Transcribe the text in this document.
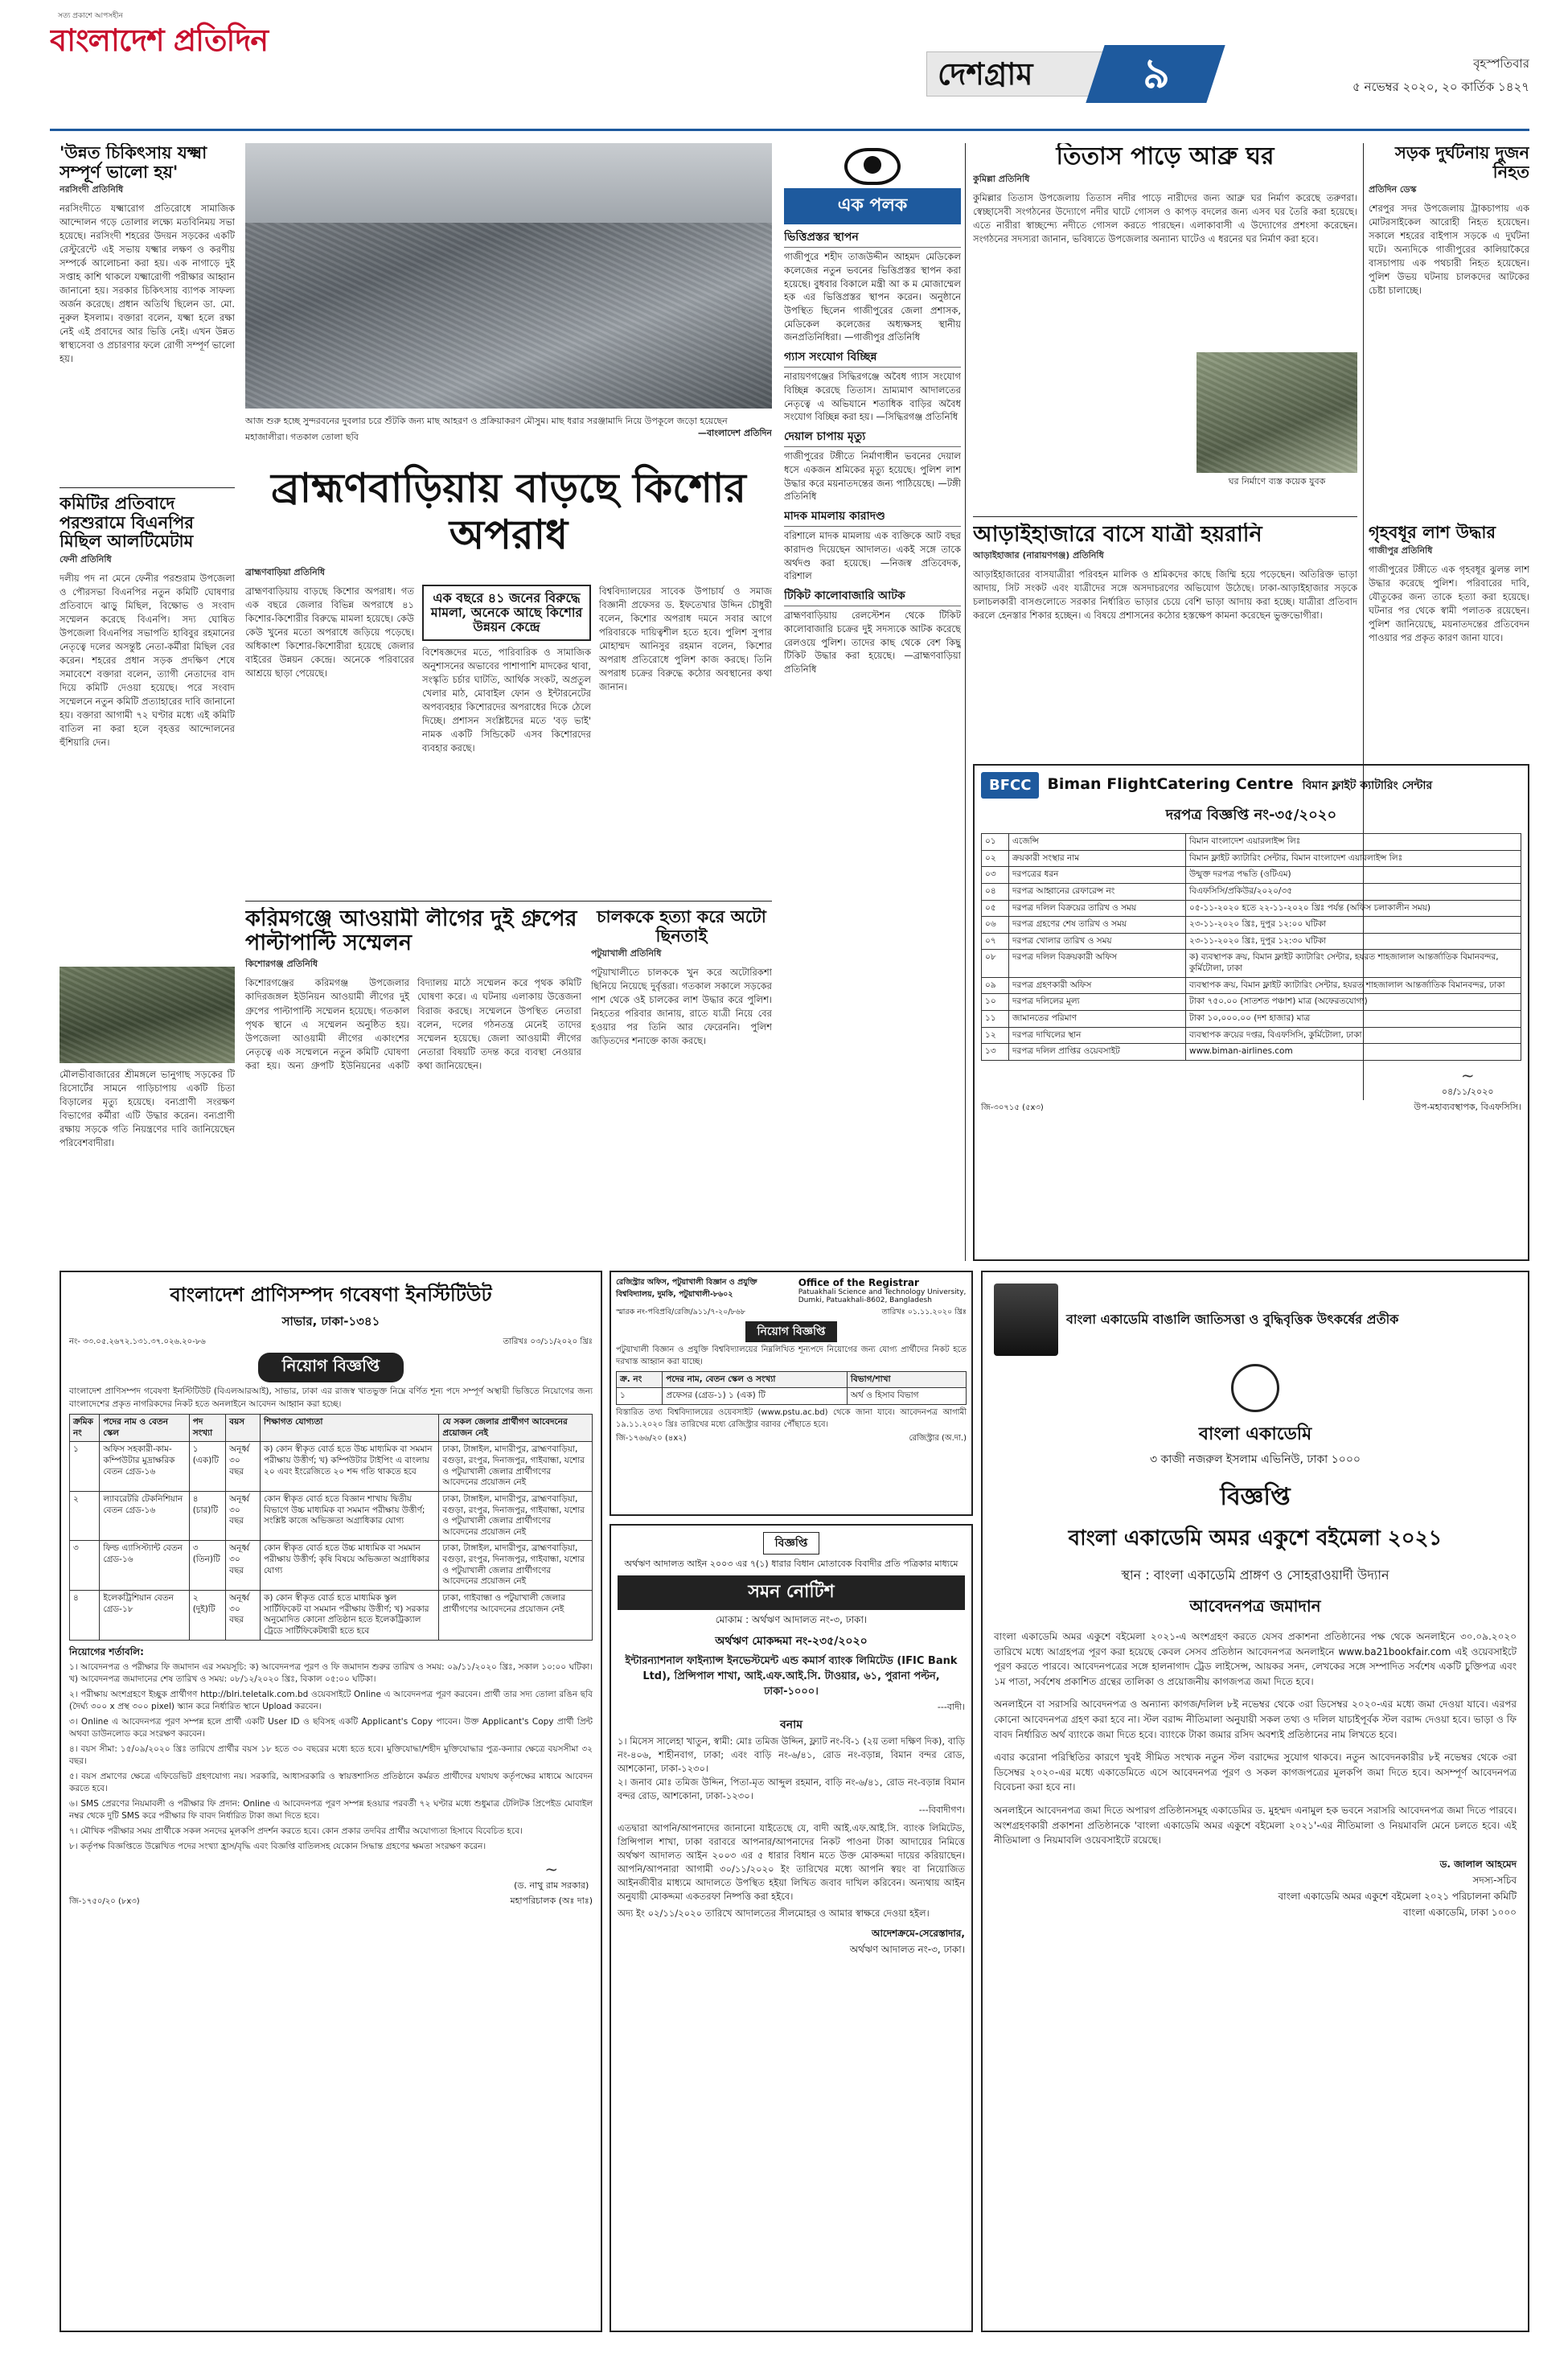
সত্য প্রকাশে আপসহীন
বাংলাদেশ প্রতিদিন
দেশগ্রাম	৯	বৃহস্পতিবার
৫ নভেম্বর ২০২০, ২০ কার্তিক ১৪২৭
'উন্নত চিকিৎসায় যক্ষ্মা সম্পূর্ণ ভালো হয়'
নরসিংদী প্রতিনিধি
নরসিংদীতে যক্ষ্মারোগ প্রতিরোধে সামাজিক আন্দোলন গড়ে তোলার লক্ষ্যে মতবিনিময় সভা হয়েছে। নরসিংদী শহরের উদয়ন সড়কের একটি রেস্টুরেন্টে এই সভায় যক্ষ্মার লক্ষণ ও করণীয় সম্পর্কে আলোচনা করা হয়। এক নাগাড়ে দুই সপ্তাহ কাশি থাকলে যক্ষ্মারোগী পরীক্ষার আহ্বান জানানো হয়। সরকার চিকিৎসায় ব্যাপক সাফল্য অর্জন করেছে। প্রধান অতিথি ছিলেন ডা. মো. নুরুল ইসলাম। বক্তারা বলেন, যক্ষ্মা হলে রক্ষা নেই এই প্রবাদের আর ভিত্তি নেই। এখন উন্নত স্বাস্থ্যসেবা ও প্রচারণার ফলে রোগী সম্পূর্ণ ভালো হয়।
কমিটির প্রতিবাদে পরশুরামে বিএনপির মিছিল আলটিমেটাম
ফেনী প্রতিনিধি
দলীয় পদ না মেনে ফেনীর পরশুরাম উপজেলা ও পৌরসভা বিএনপির নতুন কমিটি ঘোষণার প্রতিবাদে ঝাড়ু মিছিল, বিক্ষোভ ও সংবাদ সম্মেলন করেছে বিএনপি। সদ্য ঘোষিত উপজেলা বিএনপির সভাপতি হাবিবুর রহমানের নেতৃত্বে দলের অসন্তুষ্ট নেতা-কর্মীরা মিছিল বের করেন। শহরের প্রধান সড়ক প্রদক্ষিণ শেষে সমাবেশে বক্তারা বলেন, ত্যাগী নেতাদের বাদ দিয়ে কমিটি দেওয়া হয়েছে। পরে সংবাদ সম্মেলনে নতুন কমিটি প্রত্যাহারের দাবি জানানো হয়। বক্তারা আগামী ৭২ ঘণ্টার মধ্যে এই কমিটি বাতিল না করা হলে বৃহত্তর আন্দোলনের হুঁশিয়ারি দেন।
মৌলভীবাজারের শ্রীমঙ্গলে ভানুগাছ সড়কের টি রিসোর্টের সামনে গাড়িচাপায় একটি চিতা বিড়ালের মৃত্যু হয়েছে। বন্যপ্রাণী সংরক্ষণ বিভাগের কর্মীরা এটি উদ্ধার করেন। বন্যপ্রাণী রক্ষায় সড়কে গতি নিয়ন্ত্রণের দাবি জানিয়েছেন পরিবেশবাদীরা।
আজ শুরু হচ্ছে সুন্দরবনের দুবলার চরে শুঁটকি জন্য মাছ আহরণ ও প্রক্রিয়াকরণ মৌসুম। মাছ ধরার সরঞ্জামাদি নিয়ে উপকূলে জড়ো হয়েছেন মহাজালীরা। গতকাল তোলা ছবি	—বাংলাদেশ প্রতিদিন
ব্রাহ্মণবাড়িয়ায় বাড়ছে কিশোর অপরাধ
ব্রাহ্মণবাড়িয়া প্রতিনিধি
ব্রাহ্মণবাড়িয়ায় বাড়ছে কিশোর অপরাধ। গত এক বছরে জেলার বিভিন্ন অপরাধে ৪১ কিশোর-কিশোরীর বিরুদ্ধে মামলা হয়েছে। কেউ কেউ খুনের মতো অপরাধে জড়িয়ে পড়েছে। অধিকাংশ কিশোর-কিশোরীরা হয়েছে জেলার বাইরের উন্নয়ন কেন্দ্রে। অনেকে পরিবারের আশ্রয়ে ছাড়া পেয়েছে।
এক বছরে ৪১ জনের বিরুদ্ধে মামলা, অনেকে আছে কিশোর উন্নয়ন কেন্দ্রে
বিশেষজ্ঞদের মতে, পারিবারিক ও সামাজিক অনুশাসনের অভাবের পাশাপাশি মাদকের থাবা, সংস্কৃতি চর্চার ঘাটতি, আর্থিক সংকট, অপ্রতুল খেলার মাঠ, মোবাইল ফোন ও ইন্টারনেটের অপব্যবহার কিশোরদের অপরাধের দিকে ঠেলে দিচ্ছে। প্রশাসন সংশ্লিষ্টদের মতে 'বড় ভাই' নামক একটি সিন্ডিকেট এসব কিশোরদের ব্যবহার করছে।
বিশ্ববিদ্যালয়ের সাবেক উপাচার্য ও সমাজ বিজ্ঞানী প্রফেসর ড. ইফতেখার উদ্দিন চৌধুরী বলেন, কিশোর অপরাধ দমনে সবার আগে পরিবারকে দায়িত্বশীল হতে হবে। পুলিশ সুপার মোহাম্মদ আনিসুর রহমান বলেন, কিশোর অপরাধ প্রতিরোধে পুলিশ কাজ করছে। তিনি অপরাধ চক্রের বিরুদ্ধে কঠোর অবস্থানের কথা জানান।
করিমগঞ্জে আওয়ামী লীগের দুই গ্রুপের পাল্টাপাল্টি সম্মেলন
কিশোরগঞ্জ প্রতিনিধি
কিশোরগঞ্জের করিমগঞ্জ উপজেলার কাদিরজঙ্গল ইউনিয়ন আওয়ামী লীগের দুই গ্রুপের পাল্টাপাল্টি সম্মেলন হয়েছে। গতকাল পৃথক স্থানে এ সম্মেলন অনুষ্ঠিত হয়। উপজেলা আওয়ামী লীগের একাংশের নেতৃত্বে এক সম্মেলনে নতুন কমিটি ঘোষণা করা হয়। অন্য গ্রুপটি ইউনিয়নের একটি বিদ্যালয় মাঠে সম্মেলন করে পৃথক কমিটি ঘোষণা করে। এ ঘটনায় এলাকায় উত্তেজনা বিরাজ করছে। সম্মেলনে উপস্থিত নেতারা বলেন, দলের গঠনতন্ত্র মেনেই তাদের সম্মেলন হয়েছে। জেলা আওয়ামী লীগের নেতারা বিষয়টি তদন্ত করে ব্যবস্থা নেওয়ার কথা জানিয়েছেন।
চালককে হত্যা করে অটো ছিনতাই
পটুয়াখালী প্রতিনিধি
পটুয়াখালীতে চালককে খুন করে অটোরিকশা ছিনিয়ে নিয়েছে দুর্বৃত্তরা। গতকাল সকালে সড়কের পাশ থেকে ওই চালকের লাশ উদ্ধার করে পুলিশ। নিহতের পরিবার জানায়, রাতে যাত্রী নিয়ে বের হওয়ার পর তিনি আর ফেরেননি। পুলিশ জড়িতদের শনাক্তে কাজ করছে।
এক পলক
ভিত্তিপ্রস্তর স্থাপন
গাজীপুরে শহীদ তাজউদ্দীন আহমদ মেডিকেল কলেজের নতুন ভবনের ভিত্তিপ্রস্তর স্থাপন করা হয়েছে। বুধবার বিকালে মন্ত্রী আ ক ম মোজাম্মেল হক এর ভিত্তিপ্রস্তর স্থাপন করেন। অনুষ্ঠানে উপস্থিত ছিলেন গাজীপুরের জেলা প্রশাসক, মেডিকেল কলেজের অধ্যক্ষসহ স্থানীয় জনপ্রতিনিধিরা। —গাজীপুর প্রতিনিধি
গ্যাস সংযোগ বিচ্ছিন্ন
নারায়ণগঞ্জের সিদ্ধিরগঞ্জে অবৈধ গ্যাস সংযোগ বিচ্ছিন্ন করেছে তিতাস। ভ্রাম্যমাণ আদালতের নেতৃত্বে এ অভিযানে শতাধিক বাড়ির অবৈধ সংযোগ বিচ্ছিন্ন করা হয়। —সিদ্ধিরগঞ্জ প্রতিনিধি
দেয়াল চাপায় মৃত্যু
গাজীপুরের টঙ্গীতে নির্মাণাধীন ভবনের দেয়াল ধসে একজন শ্রমিকের মৃত্যু হয়েছে। পুলিশ লাশ উদ্ধার করে ময়নাতদন্তের জন্য পাঠিয়েছে। —টঙ্গী প্রতিনিধি
মাদক মামলায় কারাদণ্ড
বরিশালে মাদক মামলায় এক ব্যক্তিকে আট বছর কারাদণ্ড দিয়েছেন আদালত। একই সঙ্গে তাকে অর্থদণ্ড করা হয়েছে। —নিজস্ব প্রতিবেদক, বরিশাল
টিকিট কালোবাজারি আটক
ব্রাহ্মণবাড়িয়ায় রেলস্টেশন থেকে টিকিট কালোবাজারি চক্রের দুই সদস্যকে আটক করেছে রেলওয়ে পুলিশ। তাদের কাছ থেকে বেশ কিছু টিকিট উদ্ধার করা হয়েছে। —ব্রাহ্মণবাড়িয়া প্রতিনিধি
তিতাস পাড়ে আব্রু ঘর
কুমিল্লা প্রতিনিধি
কুমিল্লার তিতাস উপজেলায় তিতাস নদীর পাড়ে নারীদের জন্য আব্রু ঘর নির্মাণ করেছে তরুণরা। স্বেচ্ছাসেবী সংগঠনের উদ্যোগে নদীর ঘাটে গোসল ও কাপড় বদলের জন্য এসব ঘর তৈরি করা হয়েছে। এতে নারীরা স্বাচ্ছন্দ্যে নদীতে গোসল করতে পারছেন। এলাকাবাসী এ উদ্যোগের প্রশংসা করেছেন। সংগঠনের সদস্যরা জানান, ভবিষ্যতে উপজেলার অন্যান্য ঘাটেও এ ধরনের ঘর নির্মাণ করা হবে।
ঘর নির্মাণে ব্যস্ত কয়েক যুবক
সড়ক দুর্ঘটনায় দুজন নিহত
প্রতিদিন ডেস্ক
শেরপুর সদর উপজেলায় ট্রাকচাপায় এক মোটরসাইকেল আরোহী নিহত হয়েছেন। সকালে শহরের বাইপাস সড়কে এ দুর্ঘটনা ঘটে। অন্যদিকে গাজীপুরের কালিয়াকৈরে বাসচাপায় এক পথচারী নিহত হয়েছেন। পুলিশ উভয় ঘটনায় চালকদের আটকের চেষ্টা চালাচ্ছে।
আড়াইহাজারে বাসে যাত্রী হয়রানি
আড়াইহাজার (নারায়ণগঞ্জ) প্রতিনিধি
আড়াইহাজারের বাসযাত্রীরা পরিবহন মালিক ও শ্রমিকদের কাছে জিম্মি হয়ে পড়েছেন। অতিরিক্ত ভাড়া আদায়, সিট সংকট এবং যাত্রীদের সঙ্গে অসদাচরণের অভিযোগ উঠেছে। ঢাকা-আড়াইহাজার সড়কে চলাচলকারী বাসগুলোতে সরকার নির্ধারিত ভাড়ার চেয়ে বেশি ভাড়া আদায় করা হচ্ছে। যাত্রীরা প্রতিবাদ করলে হেনস্তার শিকার হচ্ছেন। এ বিষয়ে প্রশাসনের কঠোর হস্তক্ষেপ কামনা করেছেন ভুক্তভোগীরা।
গৃহবধূর লাশ উদ্ধার
গাজীপুর প্রতিনিধি
গাজীপুরের টঙ্গীতে এক গৃহবধূর ঝুলন্ত লাশ উদ্ধার করেছে পুলিশ। পরিবারের দাবি, যৌতুকের জন্য তাকে হত্যা করা হয়েছে। ঘটনার পর থেকে স্বামী পলাতক রয়েছেন। পুলিশ জানিয়েছে, ময়নাতদন্তের প্রতিবেদন পাওয়ার পর প্রকৃত কারণ জানা যাবে।
BFCC	Biman FlightCatering Centre বিমান ফ্লাইট ক্যাটারিং সেন্টার
দরপত্র বিজ্ঞপ্তি নং-৩৫/২০২০
০১	এজেন্সি	বিমান বাংলাদেশ এয়ারলাইন্স লিঃ
০২	ক্রয়কারী সংস্থার নাম	বিমান ফ্লাইট ক্যাটারিং সেন্টার, বিমান বাংলাদেশ এয়ারলাইন্স লিঃ
০৩	দরপত্রের ধরন	উন্মুক্ত দরপত্র পদ্ধতি (ওটিএম)
০৪	দরপত্র আহ্বানের রেফারেন্স নং	বিএফসিসি/প্রকিউর/২০২০/৩৫
০৫	দরপত্র দলিল বিক্রয়ের তারিখ ও সময়	০৫-১১-২০২০ হতে ২২-১১-২০২০ খ্রিঃ পর্যন্ত (অফিস চলাকালীন সময়)
০৬	দরপত্র গ্রহণের শেষ তারিখ ও সময়	২৩-১১-২০২০ খ্রিঃ, দুপুর ১২:০০ ঘটিকা
০৭	দরপত্র খোলার তারিখ ও সময়	২৩-১১-২০২০ খ্রিঃ, দুপুর ১২:৩০ ঘটিকা
০৮	দরপত্র দলিল বিক্রয়কারী অফিস	ক) ব্যবস্থাপক ক্রয়, বিমান ফ্লাইট ক্যাটারিং সেন্টার, হযরত শাহজালাল আন্তর্জাতিক বিমানবন্দর, কুর্মিটোলা, ঢাকা
০৯	দরপত্র গ্রহণকারী অফিস	ব্যবস্থাপক ক্রয়, বিমান ফ্লাইট ক্যাটারিং সেন্টার, হযরত শাহজালাল আন্তর্জাতিক বিমানবন্দর, ঢাকা
১০	দরপত্র দলিলের মূল্য	টাকা ৭৫০.০০ (সাতশত পঞ্চাশ) মাত্র (অফেরতযোগ্য)
১১	জামানতের পরিমাণ	টাকা ১০,০০০.০০ (দশ হাজার) মাত্র
১২	দরপত্র দাখিলের স্থান	ব্যবস্থাপক ক্রয়ের দপ্তর, বিএফসিসি, কুর্মিটোলা, ঢাকা
১৩	দরপত্র দলিল প্রাপ্তির ওয়েবসাইট	www.biman-airlines.com
জি-৩০৭১৫ (৫x৩)
~
০৪/১১/২০২০
উপ-মহাব্যবস্থাপক, বিএফসিসি।
বাংলাদেশ প্রাণিসম্পদ গবেষণা ইনস্টিটিউট
সাভার, ঢাকা-১৩৪১
নং- ৩৩.০৫.২৬৭২.১৩১.৩৭.০২৬.২০-৮৬	তারিখঃ ০৩/১১/২০২০ খ্রিঃ
নিয়োগ বিজ্ঞপ্তি
বাংলাদেশ প্রাণিসম্পদ গবেষণা ইনস্টিটিউট (বিএলআরআই), সাভার, ঢাকা এর রাজস্ব খাতভুক্ত নিম্নে বর্ণিত শূন্য পদে সম্পূর্ণ অস্থায়ী ভিত্তিতে নিয়োগের জন্য বাংলাদেশের প্রকৃত নাগরিকদের নিকট হতে অনলাইনে আবেদন আহ্বান করা হচ্ছে।
ক্রমিক নং	পদের নাম ও বেতন স্কেল	পদ সংখ্যা	বয়স	শিক্ষাগত যোগ্যতা	যে সকল জেলার প্রার্থীগণ আবেদনের প্রয়োজন নেই
১	অফিস সহকারী-কাম-কম্পিউটার মুদ্রাক্ষরিক বেতন গ্রেড-১৬	১ (এক)টি	অনূর্ধ্ব ৩০ বছর	ক) কোন স্বীকৃত বোর্ড হতে উচ্চ মাধ্যমিক বা সমমান পরীক্ষায় উত্তীর্ণ; খ) কম্পিউটার টাইপিং এ বাংলায় ২০ এবং ইংরেজিতে ২০ শব্দ গতি থাকতে হবে	ঢাকা, টাঙ্গাইল, মাদারীপুর, ব্রাহ্মণবাড়িয়া, বগুড়া, রংপুর, দিনাজপুর, গাইবান্ধা, যশোর ও পটুয়াখালী জেলার প্রার্থীগণের আবেদনের প্রয়োজন নেই
২	ল্যাবরেটরি টেকনিশিয়ান বেতন গ্রেড-১৬	৪ (চার)টি	অনূর্ধ্ব ৩০ বছর	কোন স্বীকৃত বোর্ড হতে বিজ্ঞান শাখায় দ্বিতীয় বিভাগে উচ্চ মাধ্যমিক বা সমমান পরীক্ষায় উত্তীর্ণ; সংশ্লিষ্ট কাজে অভিজ্ঞতা অগ্রাধিকার যোগ্য	ঢাকা, টাঙ্গাইল, মাদারীপুর, ব্রাহ্মণবাড়িয়া, বগুড়া, রংপুর, দিনাজপুর, গাইবান্ধা, যশোর ও পটুয়াখালী জেলার প্রার্থীগণের আবেদনের প্রয়োজন নেই
৩	ফিল্ড এ্যাসিস্ট্যান্ট বেতন গ্রেড-১৬	৩ (তিন)টি	অনূর্ধ্ব ৩০ বছর	কোন স্বীকৃত বোর্ড হতে উচ্চ মাধ্যমিক বা সমমান পরীক্ষায় উত্তীর্ণ; কৃষি বিষয়ে অভিজ্ঞতা অগ্রাধিকার যোগ্য	ঢাকা, টাঙ্গাইল, মাদারীপুর, ব্রাহ্মণবাড়িয়া, বগুড়া, রংপুর, দিনাজপুর, গাইবান্ধা, যশোর ও পটুয়াখালী জেলার প্রার্থীগণের আবেদনের প্রয়োজন নেই
৪	ইলেকট্রিশিয়ান বেতন গ্রেড-১৮	২ (দুই)টি	অনূর্ধ্ব ৩০ বছর	ক) কোন স্বীকৃত বোর্ড হতে মাধ্যমিক স্কুল সার্টিফিকেট বা সমমান পরীক্ষায় উত্তীর্ণ; খ) সরকার অনুমোদিত কোনো প্রতিষ্ঠান হতে ইলেকট্রিক্যাল ট্রেডে সার্টিফিকেটধারী হতে হবে	ঢাকা, গাইবান্ধা ও পটুয়াখালী জেলার প্রার্থীগণের আবেদনের প্রয়োজন নেই
নিয়োগের শর্তাবলি:

১। আবেদনপত্র ও পরীক্ষার ফি জমাদান এর সময়সূচি: ক) আবেদনপত্র পূরণ ও ফি জমাদান শুরুর তারিখ ও সময়: ০৯/১১/২০২০ খ্রিঃ, সকাল ১০:০০ ঘটিকা। খ) আবেদনপত্র জমাদানের শেষ তারিখ ও সময়: ০৮/১২/২০২০ খ্রিঃ, বিকাল ০৫:০০ ঘটিকা।

২। পরীক্ষায় অংশগ্রহণে ইচ্ছুক প্রার্থীগণ http://blri.teletalk.com.bd ওয়েবসাইটে Online এ আবেদনপত্র পূরণ করবেন। প্রার্থী তার সদ্য তোলা রঙিন ছবি (দৈর্ঘ্য ৩০০ x প্রস্থ ৩০০ pixel) স্ক্যান করে নির্ধারিত স্থানে Upload করবেন।

৩। Online এ আবেদনপত্র পূরণ সম্পন্ন হলে প্রার্থী একটি User ID ও ছবিসহ একটি Applicant's Copy পাবেন। উক্ত Applicant's Copy প্রার্থী প্রিন্ট অথবা ডাউনলোড করে সংরক্ষণ করবেন।

৪। বয়স সীমা: ১৫/০৯/২০২০ খ্রিঃ তারিখে প্রার্থীর বয়স ১৮ হতে ৩০ বছরের মধ্যে হতে হবে। মুক্তিযোদ্ধা/শহীদ মুক্তিযোদ্ধার পুত্র-কন্যার ক্ষেত্রে বয়সসীমা ৩২ বছর।

৫। বয়স প্রমাণের ক্ষেত্রে এফিডেভিট গ্রহণযোগ্য নয়। সরকারি, আধাসরকারি ও স্বায়ত্তশাসিত প্রতিষ্ঠানে কর্মরত প্রার্থীদের যথাযথ কর্তৃপক্ষের মাধ্যমে আবেদন করতে হবে।

৬। SMS প্রেরণের নিয়মাবলী ও পরীক্ষার ফি প্রদান: Online এ আবেদনপত্র পূরণ সম্পন্ন হওয়ার পরবর্তী ৭২ ঘণ্টার মধ্যে শুধুমাত্র টেলিটক প্রিপেইড মোবাইল নম্বর থেকে দুটি SMS করে পরীক্ষার ফি বাবদ নির্ধারিত টাকা জমা দিতে হবে।

৭। মৌখিক পরীক্ষার সময় প্রার্থীকে সকল সনদের মূলকপি প্রদর্শন করতে হবে। কোন প্রকার তদবির প্রার্থীর অযোগ্যতা হিসাবে বিবেচিত হবে।

৮। কর্তৃপক্ষ বিজ্ঞপ্তিতে উল্লেখিত পদের সংখ্যা হ্রাস/বৃদ্ধি এবং বিজ্ঞপ্তি বাতিলসহ যেকোন সিদ্ধান্ত গ্রহণের ক্ষমতা সংরক্ষণ করেন।

জি-১৭৫০/২০ (৮x৩)
~
(ড. নাথু রাম সরকার)
মহাপরিচালক (অঃ দাঃ)
রেজিস্ট্রার অফিস, পটুয়াখালী বিজ্ঞান ও প্রযুক্তি বিশ্ববিদ্যালয়, দুমকি, পটুয়াখালী-৮৬০২
Office of the Registrar
Patuakhali Science and Technology University, Dumki, Patuakhali-8602, Bangladesh
স্মারক নং-পবিপ্রবি/রেজি/৯১১/৭-২০/৮৬৮	তারিখঃ ০১.১১.২০২০ খ্রিঃ
নিয়োগ বিজ্ঞপ্তি
পটুয়াখালী বিজ্ঞান ও প্রযুক্তি বিশ্ববিদ্যালয়ের নিম্নলিখিত শূন্যপদে নিয়োগের জন্য যোগ্য প্রার্থীদের নিকট হতে দরখাস্ত আহ্বান করা যাচ্ছে।
ক্র. নং	পদের নাম, বেতন স্কেল ও সংখ্যা	বিভাগ/শাখা
১	প্রফেসর (গ্রেড-১) ১ (এক) টি	অর্থ ও হিসাব বিভাগ
বিস্তারিত তথ্য বিশ্ববিদ্যালয়ের ওয়েবসাইট (www.pstu.ac.bd) থেকে জানা যাবে। আবেদনপত্র আগামী ১৯.১১.২০২০ খ্রিঃ তারিখের মধ্যে রেজিস্ট্রার বরাবর পৌঁছাতে হবে।
জি-১৭৬৬/২০ (৪x২)	রেজিস্ট্রার (অ.দা.)
বিজ্ঞপ্তি
অর্থঋণ আদালত আইন ২০০৩ এর ৭(১) ধারার বিধান মোতাবেক বিবাদীর প্রতি পত্রিকার মাধ্যমে
সমন নোটিশ
মোকাম : অর্থঋণ আদালত নং-৩, ঢাকা।
অর্থঋণ মোকদ্দমা নং-২৩৫/২০২০
ইন্টারন্যাশনাল ফাইন্যান্স ইনভেস্টমেন্ট এন্ড কমার্স ব্যাংক লিমিটেড (IFIC Bank Ltd), প্রিন্সিপাল শাখা, আই.এফ.আই.সি. টাওয়ার, ৬১, পুরানা পল্টন, ঢাকা-১০০০।
---বাদী।
বনাম
১। মিসেস সালেহা খাতুন, স্বামী: মোঃ তমিজ উদ্দিন, ফ্ল্যাট নং-বি-১ (২য় তলা দক্ষিণ দিক), বাড়ি নং-৪০৬, শাহীনবাগ, ঢাকা; এবং বাড়ি নং-৬/৪১, রোড নং-বড়ান্ন, বিমান বন্দর রোড, আশকোনা, ঢাকা-১২৩০।
২। জনাব মোঃ তমিজ উদ্দিন, পিতা-মৃত আব্দুল রহমান, বাড়ি নং-৬/৪১, রোড নং-বড়ান্ন বিমান বন্দর রোড, আশকোনা, ঢাকা-১২৩০।
---বিবাদীগণ।
এতদ্বারা আপনি/আপনাদের জানানো যাইতেছে যে, বাদী আই.এফ.আই.সি. ব্যাংক লিমিটেড, প্রিন্সিপাল শাখা, ঢাকা বরাবরে আপনার/আপনাদের নিকট পাওনা টাকা আদায়ের নিমিত্তে অর্থঋণ আদালত আইন ২০০৩ এর ৫ ধারার বিধান মতে উক্ত মোকদ্দমা দায়ের করিয়াছেন। আপনি/আপনারা আগামী ৩০/১১/২০২০ ইং তারিখের মধ্যে আপনি স্বয়ং বা নিয়োজিত আইনজীবীর মাধ্যমে আদালতে উপস্থিত হইয়া লিখিত জবাব দাখিল করিবেন। অন্যথায় আইন অনুযায়ী মোকদ্দমা একতরফা নিষ্পত্তি করা হইবে।
অদ্য ইং ০২/১১/২০২০ তারিখে আদালতের সীলমোহর ও আমার স্বাক্ষরে দেওয়া হইল।
আদেশক্রমে-সেরেস্তাদার,
অর্থঋণ আদালত নং-৩, ঢাকা।
বাংলা একাডেমি বাঙালি জাতিসত্তা ও বুদ্ধিবৃত্তিক উৎকর্ষের প্রতীক
বাংলা একাডেমি
৩ কাজী নজরুল ইসলাম এভিনিউ, ঢাকা ১০০০
বিজ্ঞপ্তি
বাংলা একাডেমি অমর একুশে বইমেলা ২০২১
স্থান : বাংলা একাডেমি প্রাঙ্গণ ও সোহরাওয়ার্দী উদ্যান
আবেদনপত্র জমাদান

বাংলা একাডেমি অমর একুশে বইমেলা ২০২১-এ অংশগ্রহণ করতে যেসব প্রকাশনা প্রতিষ্ঠানের পক্ষ থেকে অনলাইনে ৩০.০৯.২০২০ তারিখে মধ্যে আগ্রহপত্র পূরণ করা হয়েছে কেবল সেসব প্রতিষ্ঠান আবেদনপত্র অনলাইনে www.ba21bookfair.com এই ওয়েবসাইটে পূরণ করতে পারবে। আবেদনপত্রের সঙ্গে হালনাগাদ ট্রেড লাইসেন্স, আয়কর সনদ, লেখকের সঙ্গে সম্পাদিত সর্বশেষ একটি চুক্তিপত্র এবং ১ম পাতা, সর্বশেষ প্রকাশিত গ্রন্থের তালিকা ও প্রয়োজনীয় কাগজপত্র জমা দিতে হবে।

অনলাইনে বা সরাসরি আবেদনপত্র ও অন্যান্য কাগজ/দলিল ৮ই নভেম্বর থেকে ৩রা ডিসেম্বর ২০২০-এর মধ্যে জমা দেওয়া যাবে। এরপর কোনো আবেদনপত্র গ্রহণ করা হবে না। স্টল বরাদ্দ নীতিমালা অনুযায়ী সকল তথ্য ও দলিল যাচাইপূর্বক স্টল বরাদ্দ দেওয়া হবে। ভাড়া ও ফি বাবদ নির্ধারিত অর্থ ব্যাংকে জমা দিতে হবে। ব্যাংকে টাকা জমার রসিদ অবশ্যই প্রতিষ্ঠানের নাম লিখতে হবে।

এবার করোনা পরিস্থিতির কারণে খুবই সীমিত সংখ্যক নতুন স্টল বরাদ্দের সুযোগ থাকবে। নতুন আবেদনকারীর ৮ই নভেম্বর থেকে ৩রা ডিসেম্বর ২০২০-এর মধ্যে একাডেমিতে এসে আবেদনপত্র পূরণ ও সকল কাগজপত্রের মূলকপি জমা দিতে হবে। অসম্পূর্ণ আবেদনপত্র বিবেচনা করা হবে না।

অনলাইনে আবেদনপত্র জমা দিতে অপারগ প্রতিষ্ঠানসমূহ একাডেমির ড. মুহম্মদ এনামুল হক ভবনে সরাসরি আবেদনপত্র জমা দিতে পারবে। অংশগ্রহণকারী প্রকাশনা প্রতিষ্ঠানকে 'বাংলা একাডেমি অমর একুশে বইমেলা ২০২১'-এর নীতিমালা ও নিয়মাবলি মেনে চলতে হবে। এই নীতিমালা ও নিয়মাবলি ওয়েবসাইটে রয়েছে।

ড. জালাল আহমেদ
সদস্য-সচিব
বাংলা একাডেমি অমর একুশে বইমেলা ২০২১ পরিচালনা কমিটি
বাংলা একাডেমি, ঢাকা ১০০০
